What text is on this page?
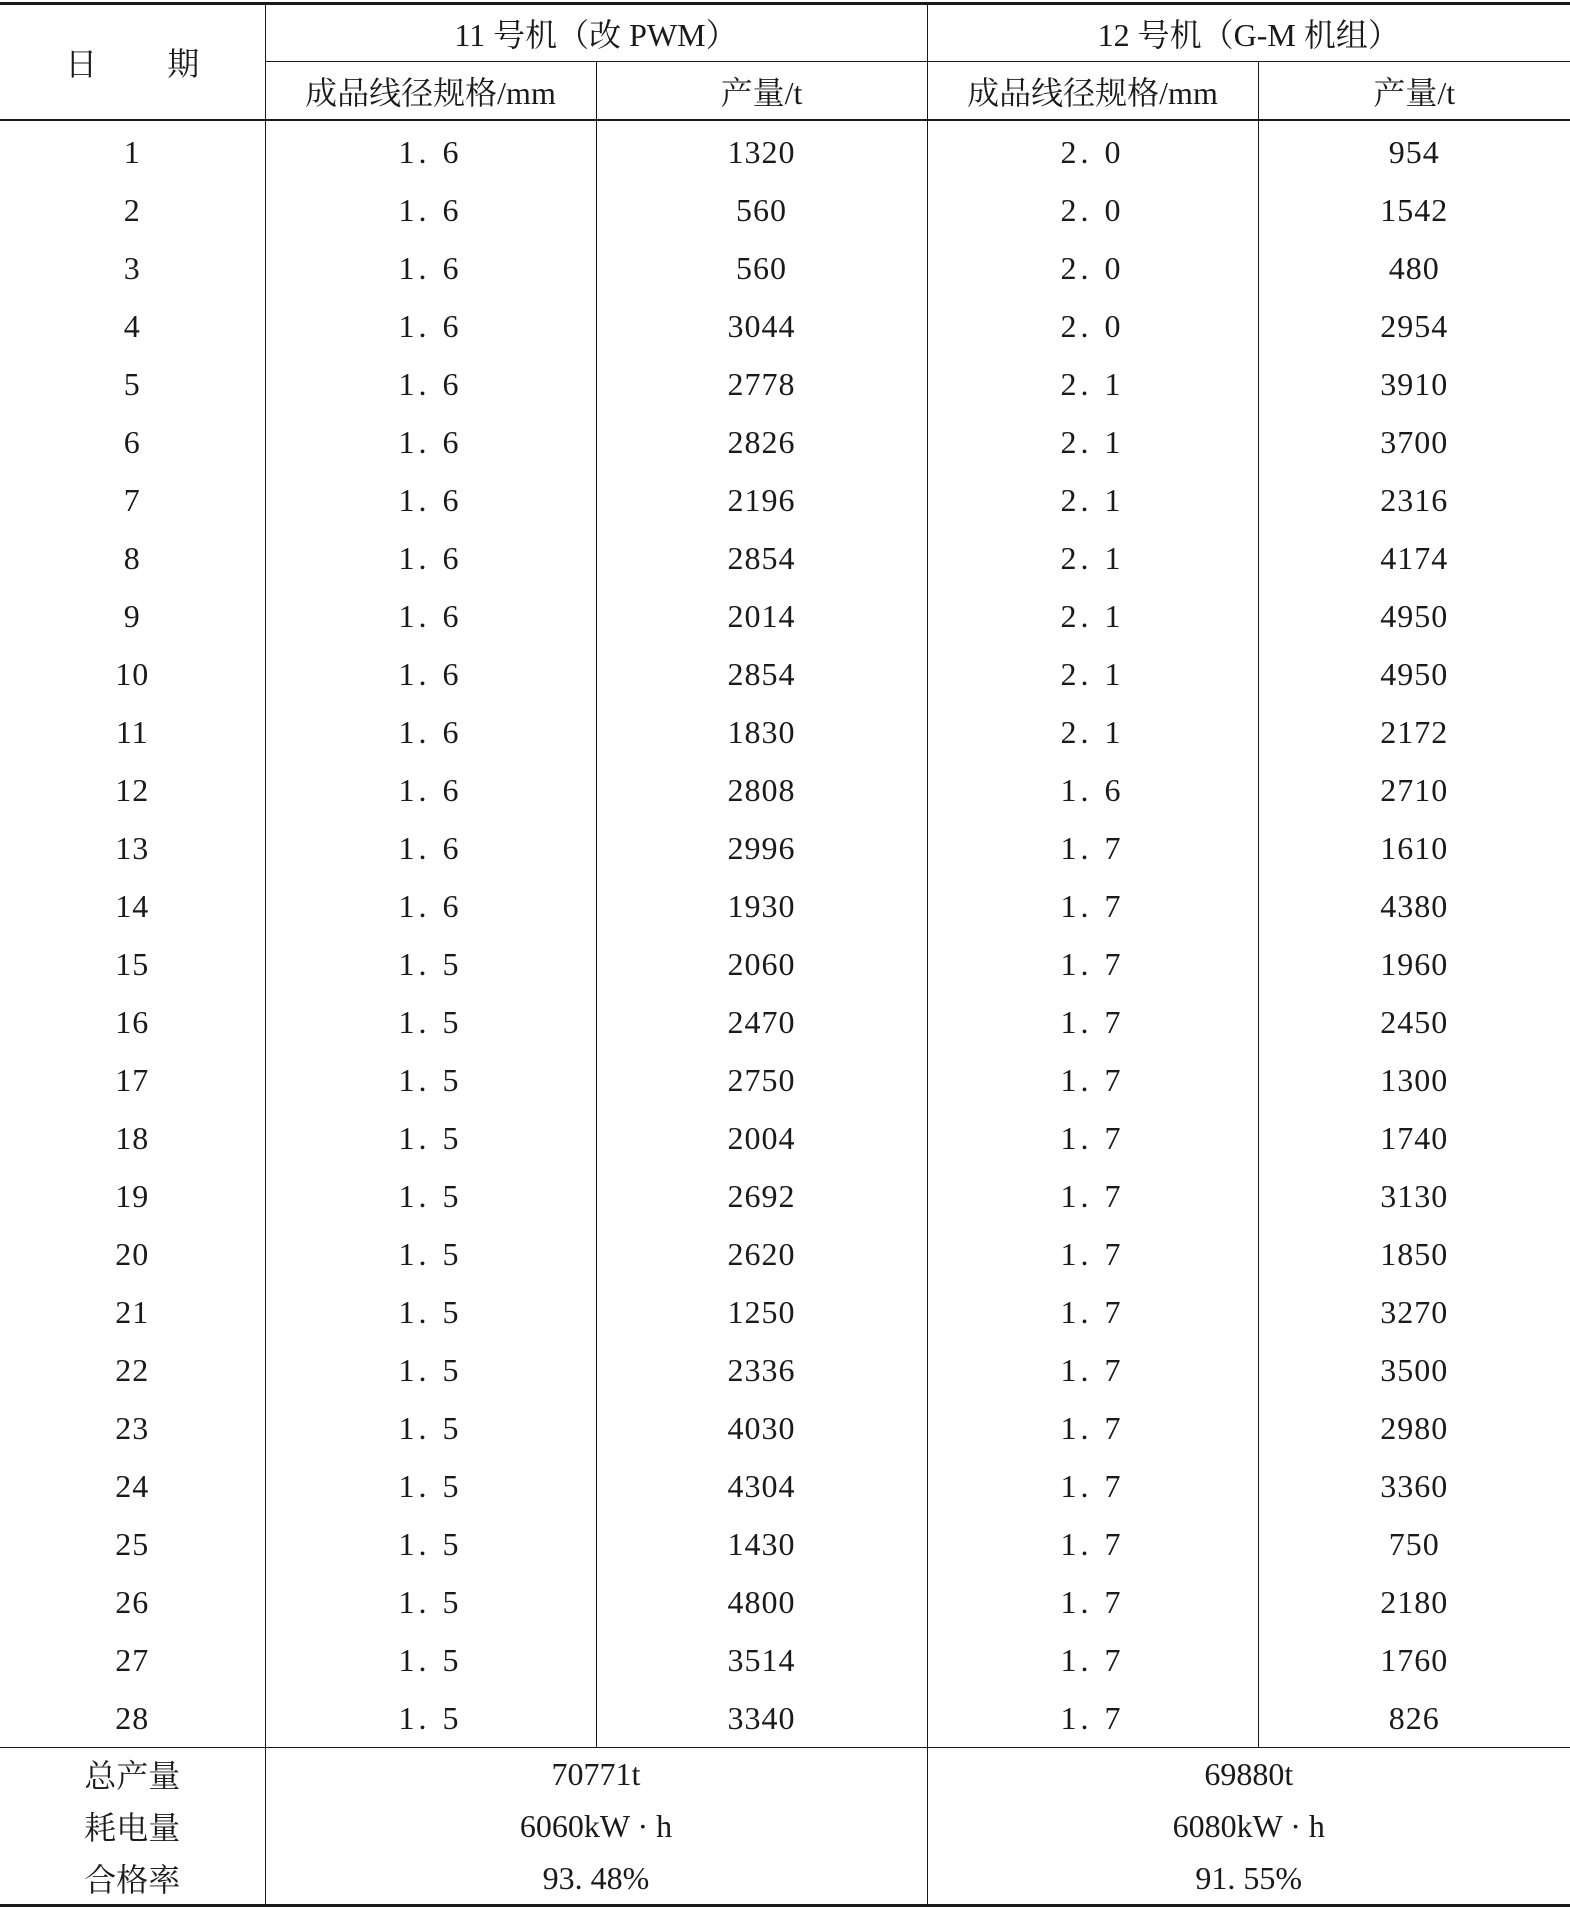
日 期	11 号机（改 PWM）		12 号机（G-M 机组）	
	成品线径规格/mm	产量/t	成品线径规格/mm	产量/t
1	1. 6	1320	2. 0	954
2	1. 6	560	2. 0	1542
3	1. 6	560	2. 0	480
4	1. 6	3044	2. 0	2954
5	1. 6	2778	2. 1	3910
6	1. 6	2826	2. 1	3700
7	1. 6	2196	2. 1	2316
8	1. 6	2854	2. 1	4174
9	1. 6	2014	2. 1	4950
10	1. 6	2854	2. 1	4950
11	1. 6	1830	2. 1	2172
12	1. 6	2808	1. 6	2710
13	1. 6	2996	1. 7	1610
14	1. 6	1930	1. 7	4380
15	1. 5	2060	1. 7	1960
16	1. 5	2470	1. 7	2450
17	1. 5	2750	1. 7	1300
18	1. 5	2004	1. 7	1740
19	1. 5	2692	1. 7	3130
20	1. 5	2620	1. 7	1850
21	1. 5	1250	1. 7	3270
22	1. 5	2336	1. 7	3500
23	1. 5	4030	1. 7	2980
24	1. 5	4304	1. 7	3360
25	1. 5	1430	1. 7	750
26	1. 5	4800	1. 7	2180
27	1. 5	3514	1. 7	1760
28	1. 5	3340	1. 7	826
总产量	70771t		69880t	
耗电量	6060kW · h		6080kW · h	
合格率	93. 48%		91. 55%	
